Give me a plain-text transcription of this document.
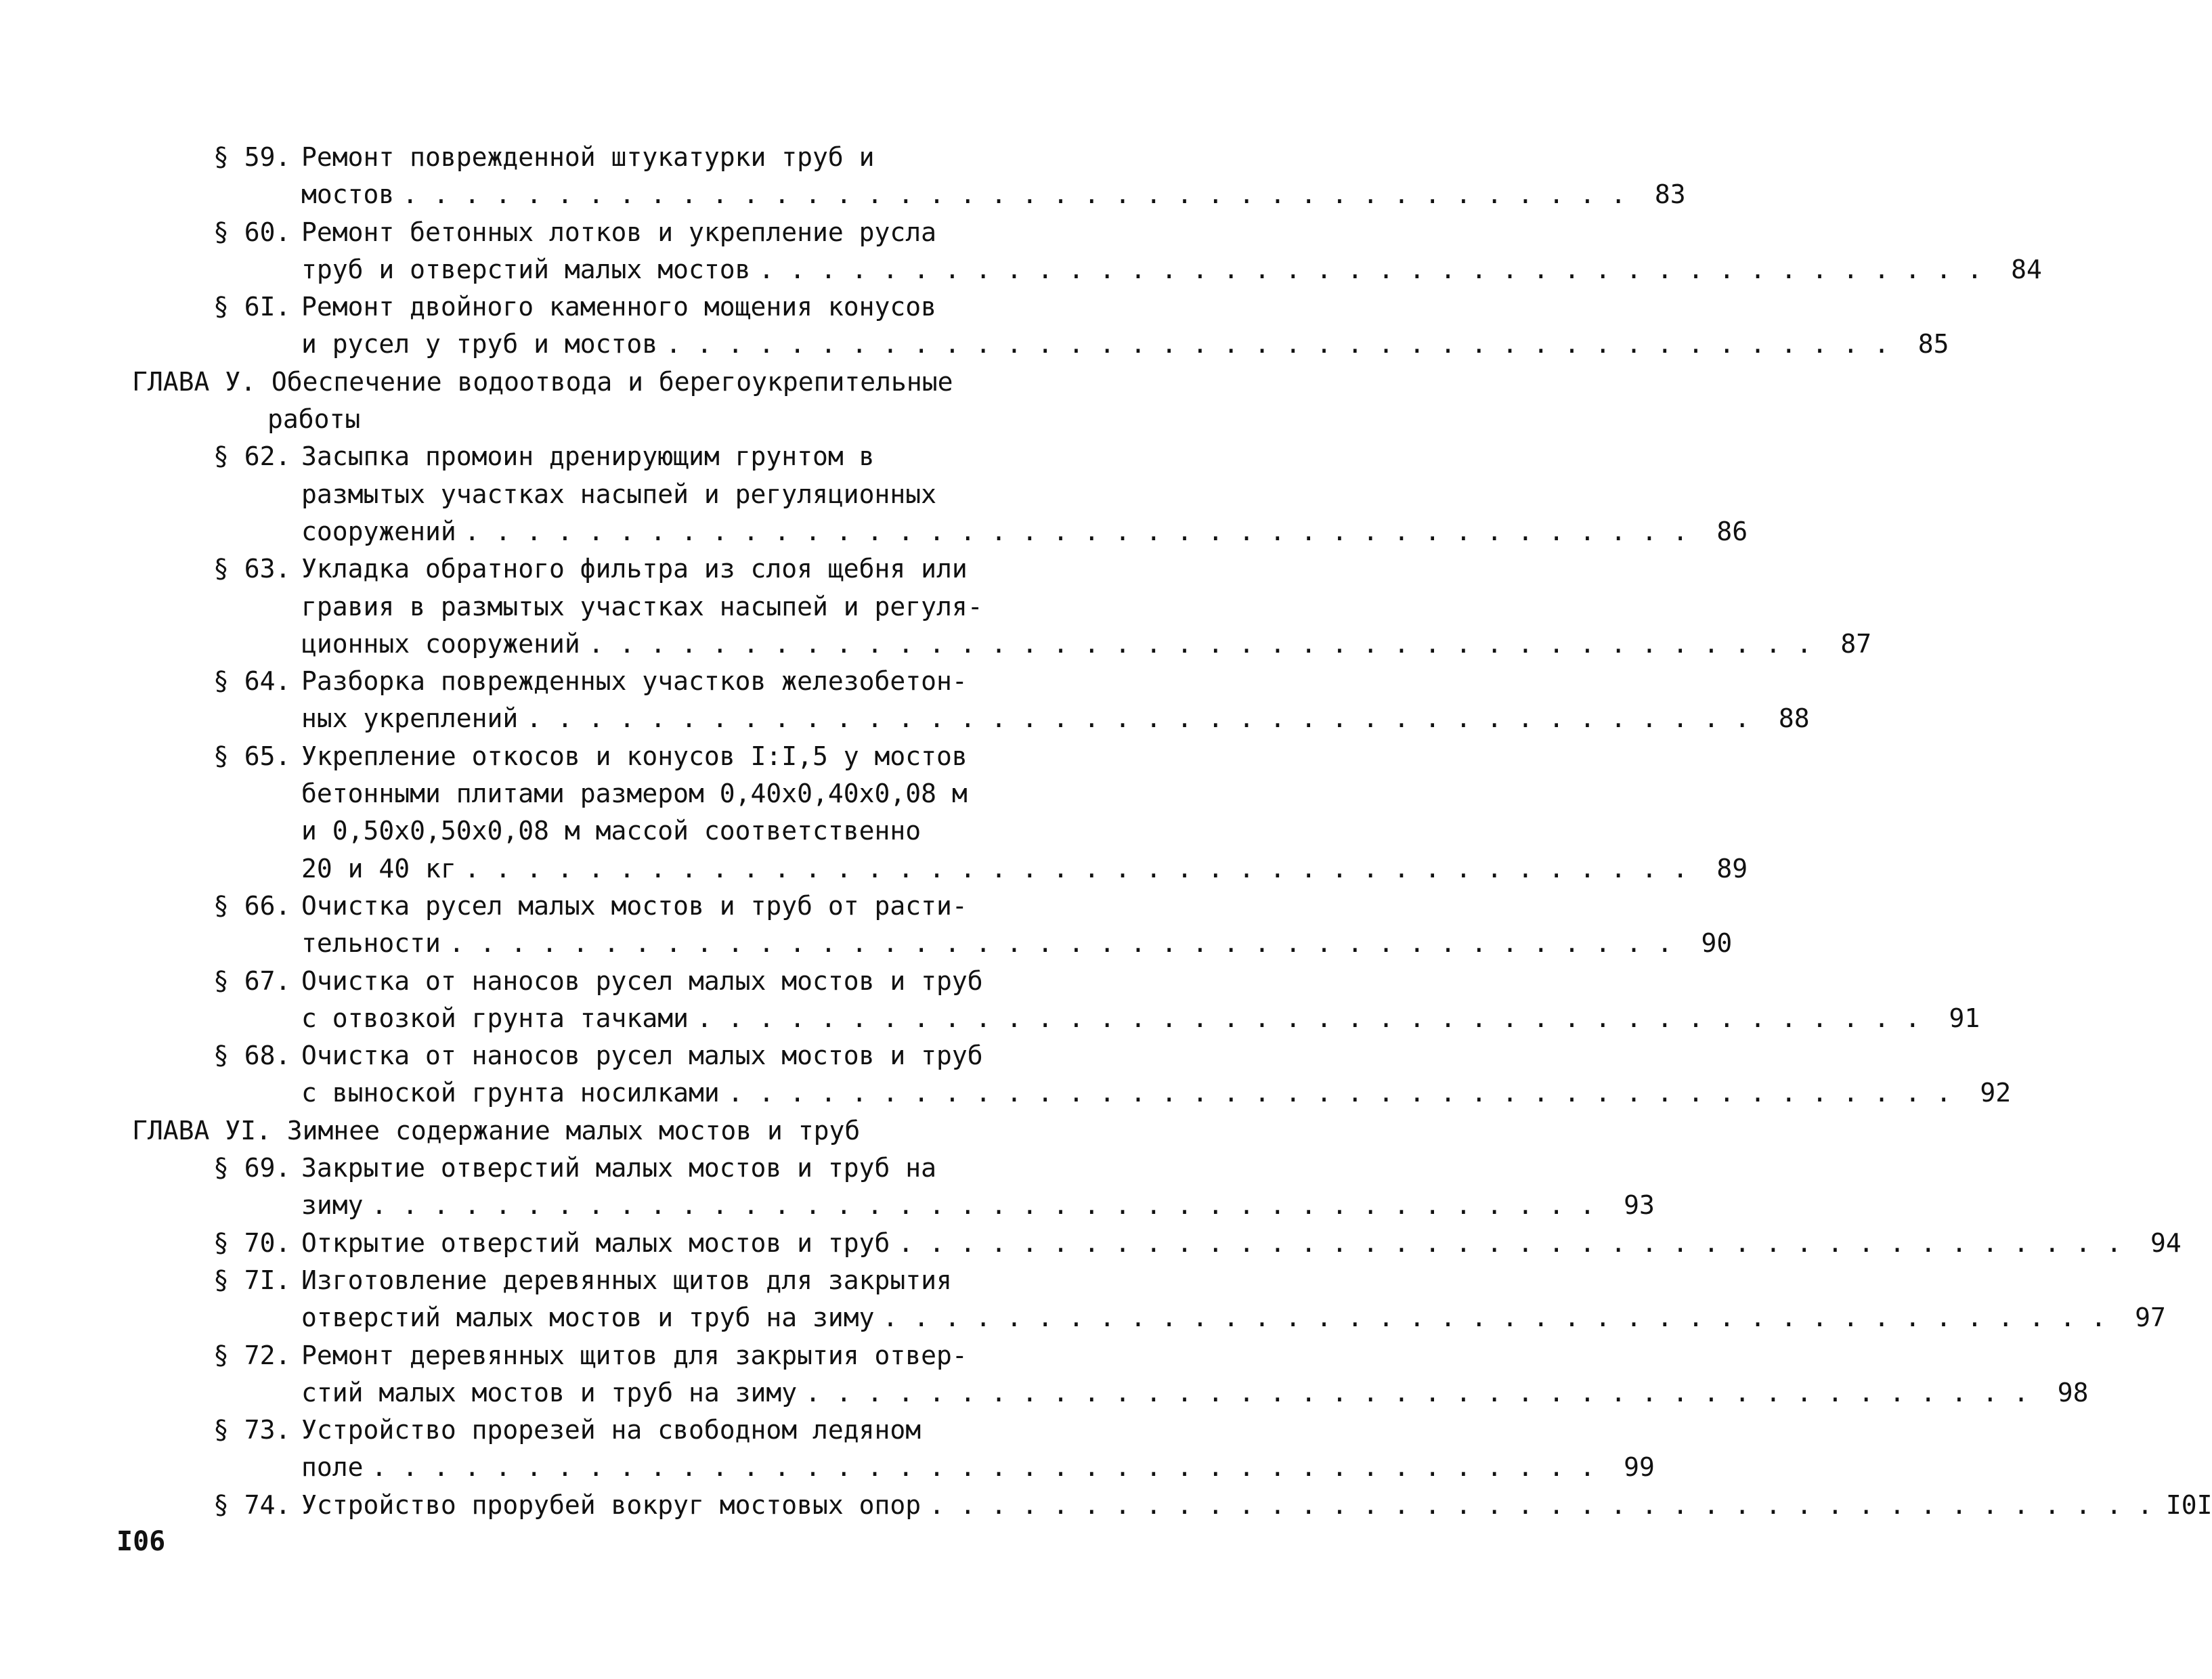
§ 59. Ремонт поврежденной штукатурки труб и
мостов . . . . . . . . . . . . . . . . . . . . . . . . . . . . . . . . . . . . . . . .	83
§ 60. Ремонт бетонных лотков и укрепление русла
труб и отверстий малых мостов . . . . . . . . . . . . . . . . . . . . . . . . . . . . . . . . . . . . . . . .	84
§ 6I. Ремонт двойного каменного мощения конусов
и русел у труб и мостов . . . . . . . . . . . . . . . . . . . . . . . . . . . . . . . . . . . . . . . .	85
ГЛАВА У. Обеспечение водоотвода и берегоукрепительные
работы
§ 62. Засыпка промоин дренирующим грунтом в
размытых участках насыпей и регуляционных
сооружений . . . . . . . . . . . . . . . . . . . . . . . . . . . . . . . . . . . . . . . .	86
§ 63. Укладка обратного фильтра из слоя щебня или
гравия в размытых участках насыпей и регуля-
ционных сооружений . . . . . . . . . . . . . . . . . . . . . . . . . . . . . . . . . . . . . . . .	87
§ 64. Разборка поврежденных участков железобетон-
ных укреплений . . . . . . . . . . . . . . . . . . . . . . . . . . . . . . . . . . . . . . . .	88
§ 65. Укрепление откосов и конусов I:I,5 у мостов
бетонными плитами размером 0,40х0,40х0,08 м
и 0,50х0,50х0,08 м массой соответственно
20 и 40 кг . . . . . . . . . . . . . . . . . . . . . . . . . . . . . . . . . . . . . . . .	89
§ 66. Очистка русел малых мостов и труб от расти-
тельности . . . . . . . . . . . . . . . . . . . . . . . . . . . . . . . . . . . . . . . .	90
§ 67. Очистка от наносов русел малых мостов и труб
с отвозкой грунта тачками . . . . . . . . . . . . . . . . . . . . . . . . . . . . . . . . . . . . . . . .	91
§ 68. Очистка от наносов русел малых мостов и труб
с выноской грунта носилками . . . . . . . . . . . . . . . . . . . . . . . . . . . . . . . . . . . . . . . .	92
ГЛАВА УI. Зимнее содержание малых мостов и труб
§ 69. Закрытие отверстий малых мостов и труб на
зиму . . . . . . . . . . . . . . . . . . . . . . . . . . . . . . . . . . . . . . . .	93
§ 70. Открытие отверстий малых мостов и труб . . . . . . . . . . . . . . . . . . . . . . . . . . . . . . . . . . . . . . . .	94
§ 7I. Изготовление деревянных щитов для закрытия
отверстий малых мостов и труб на зиму . . . . . . . . . . . . . . . . . . . . . . . . . . . . . . . . . . . . . . . .	97
§ 72. Ремонт деревянных щитов для закрытия отвер-
стий малых мостов и труб на зиму . . . . . . . . . . . . . . . . . . . . . . . . . . . . . . . . . . . . . . . .	98
§ 73. Устройство прорезей на свободном ледяном
поле . . . . . . . . . . . . . . . . . . . . . . . . . . . . . . . . . . . . . . . .	99
§ 74. Устройство прорубей вокруг мостовых опор . . . . . . . . . . . . . . . . . . . . . . . . . . . . . . . . . . . . . . . . I0I
I06
